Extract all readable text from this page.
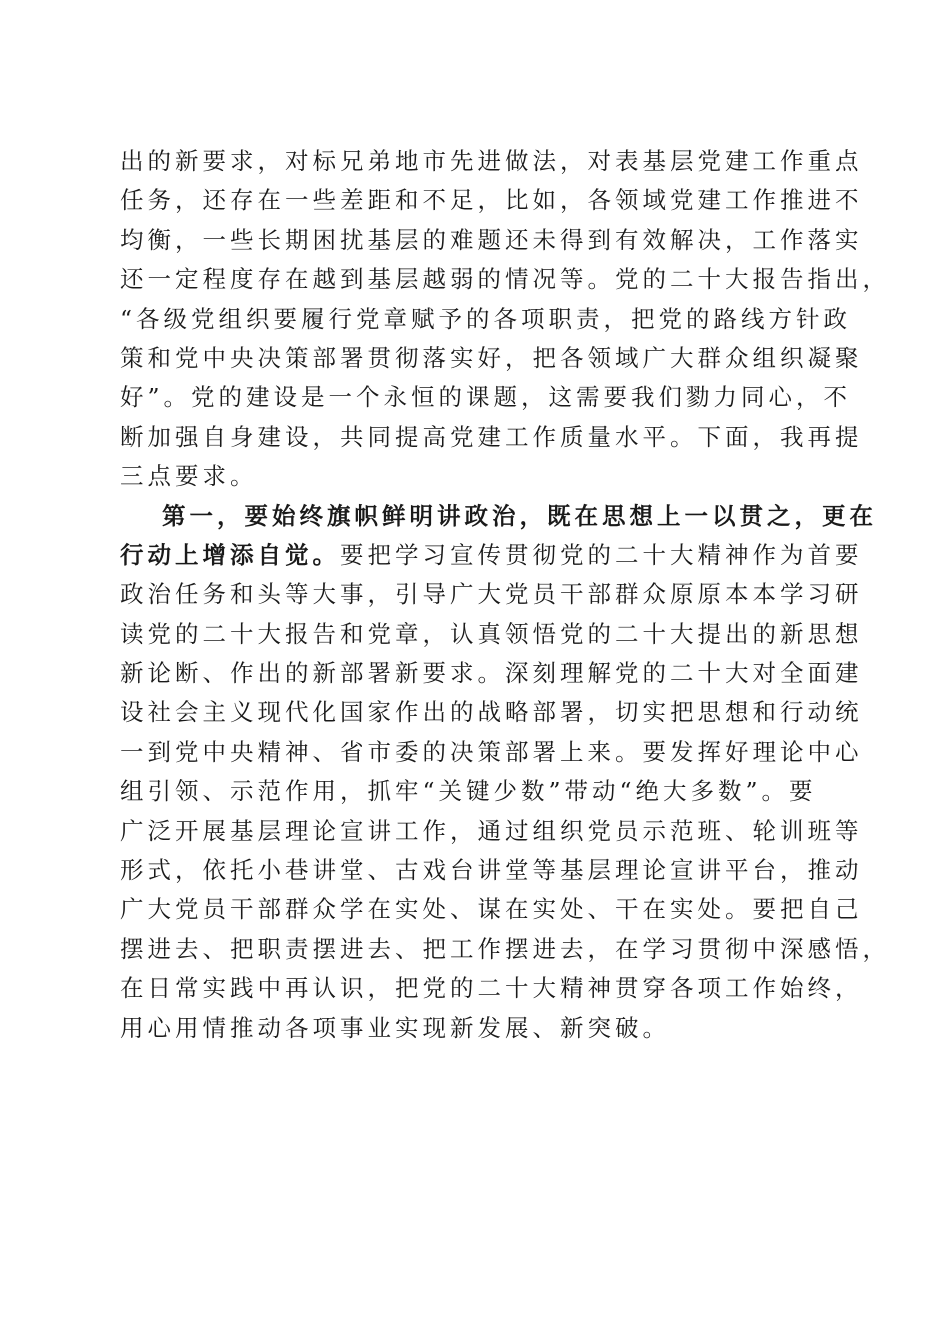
出的新要求，对标兄弟地市先进做法，对表基层党建工作重点
任务，还存在一些差距和不足，比如，各领域党建工作推进不
均衡，一些长期困扰基层的难题还未得到有效解决，工作落实
还一定程度存在越到基层越弱的情况等。党的二十大报告指出，
“各级党组织要履行党章赋予的各项职责，把党的路线方针政
策和党中央决策部署贯彻落实好，把各领域广大群众组织凝聚
好”。党的建设是一个永恒的课题，这需要我们勠力同心，不
断加强自身建设，共同提高党建工作质量水平。下面，我再提
三点要求。
第一，要始终旗帜鲜明讲政治，既在思想上一以贯之，更在
行动上增添自觉。要把学习宣传贯彻党的二十大精神作为首要
政治任务和头等大事，引导广大党员干部群众原原本本学习研
读党的二十大报告和党章，认真领悟党的二十大提出的新思想
新论断、作出的新部署新要求。深刻理解党的二十大对全面建
设社会主义现代化国家作出的战略部署，切实把思想和行动统
一到党中央精神、省市委的决策部署上来。要发挥好理论中心
组引领、示范作用，抓牢“关键少数”带动“绝大多数”。要
广泛开展基层理论宣讲工作，通过组织党员示范班、轮训班等
形式，依托小巷讲堂、古戏台讲堂等基层理论宣讲平台，推动
广大党员干部群众学在实处、谋在实处、干在实处。要把自己
摆进去、把职责摆进去、把工作摆进去，在学习贯彻中深感悟，
在日常实践中再认识，把党的二十大精神贯穿各项工作始终，
用心用情推动各项事业实现新发展、新突破。
